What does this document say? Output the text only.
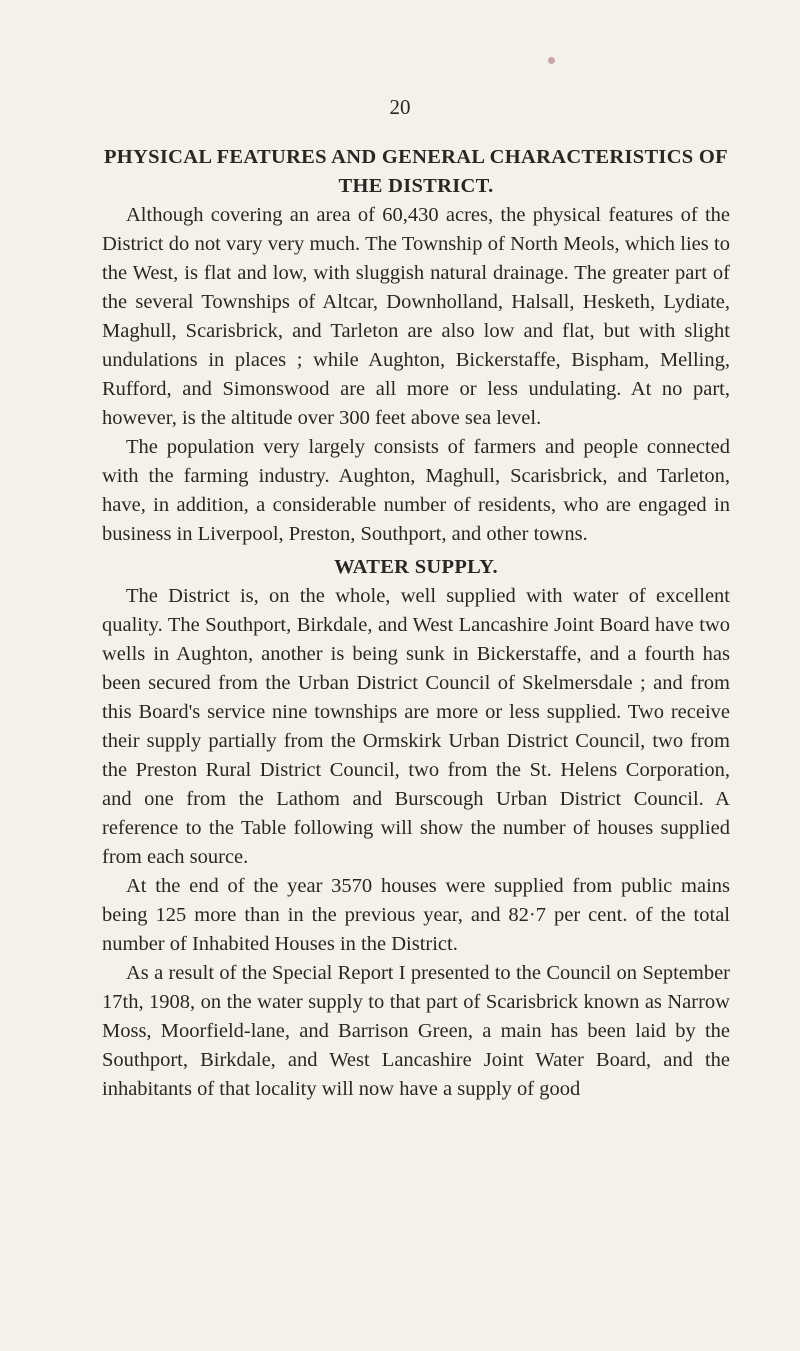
20
PHYSICAL FEATURES AND GENERAL CHARACTERISTICS OF THE DISTRICT.

Although covering an area of 60,430 acres, the physical features of the District do not vary very much. The Township of North Meols, which lies to the West, is flat and low, with sluggish natural drainage. The greater part of the several Townships of Altcar, Downholland, Halsall, Hesketh, Lydiate, Maghull, Scarisbrick, and Tarleton are also low and flat, but with slight undulations in places ; while Aughton, Bickerstaffe, Bispham, Melling, Rufford, and Simonswood are all more or less undulating. At no part, however, is the altitude over 300 feet above sea level.

The population very largely consists of farmers and people connected with the farming industry. Aughton, Maghull, Scarisbrick, and Tarleton, have, in addition, a considerable number of residents, who are engaged in business in Liverpool, Preston, Southport, and other towns.

WATER SUPPLY.

The District is, on the whole, well supplied with water of excellent quality. The Southport, Birkdale, and West Lancashire Joint Board have two wells in Aughton, another is being sunk in Bickerstaffe, and a fourth has been secured from the Urban District Council of Skelmersdale ; and from this Board's service nine townships are more or less supplied. Two receive their supply partially from the Ormskirk Urban District Council, two from the Preston Rural District Council, two from the St. Helens Corporation, and one from the Lathom and Burscough Urban District Council. A reference to the Table following will show the number of houses supplied from each source.

At the end of the year 3570 houses were supplied from public mains being 125 more than in the previous year, and 82·7 per cent. of the total number of Inhabited Houses in the District.

As a result of the Special Report I presented to the Council on September 17th, 1908, on the water supply to that part of Scarisbrick known as Narrow Moss, Moorfield-lane, and Barrison Green, a main has been laid by the Southport, Birkdale, and West Lancashire Joint Water Board, and the inhabitants of that locality will now have a supply of good
